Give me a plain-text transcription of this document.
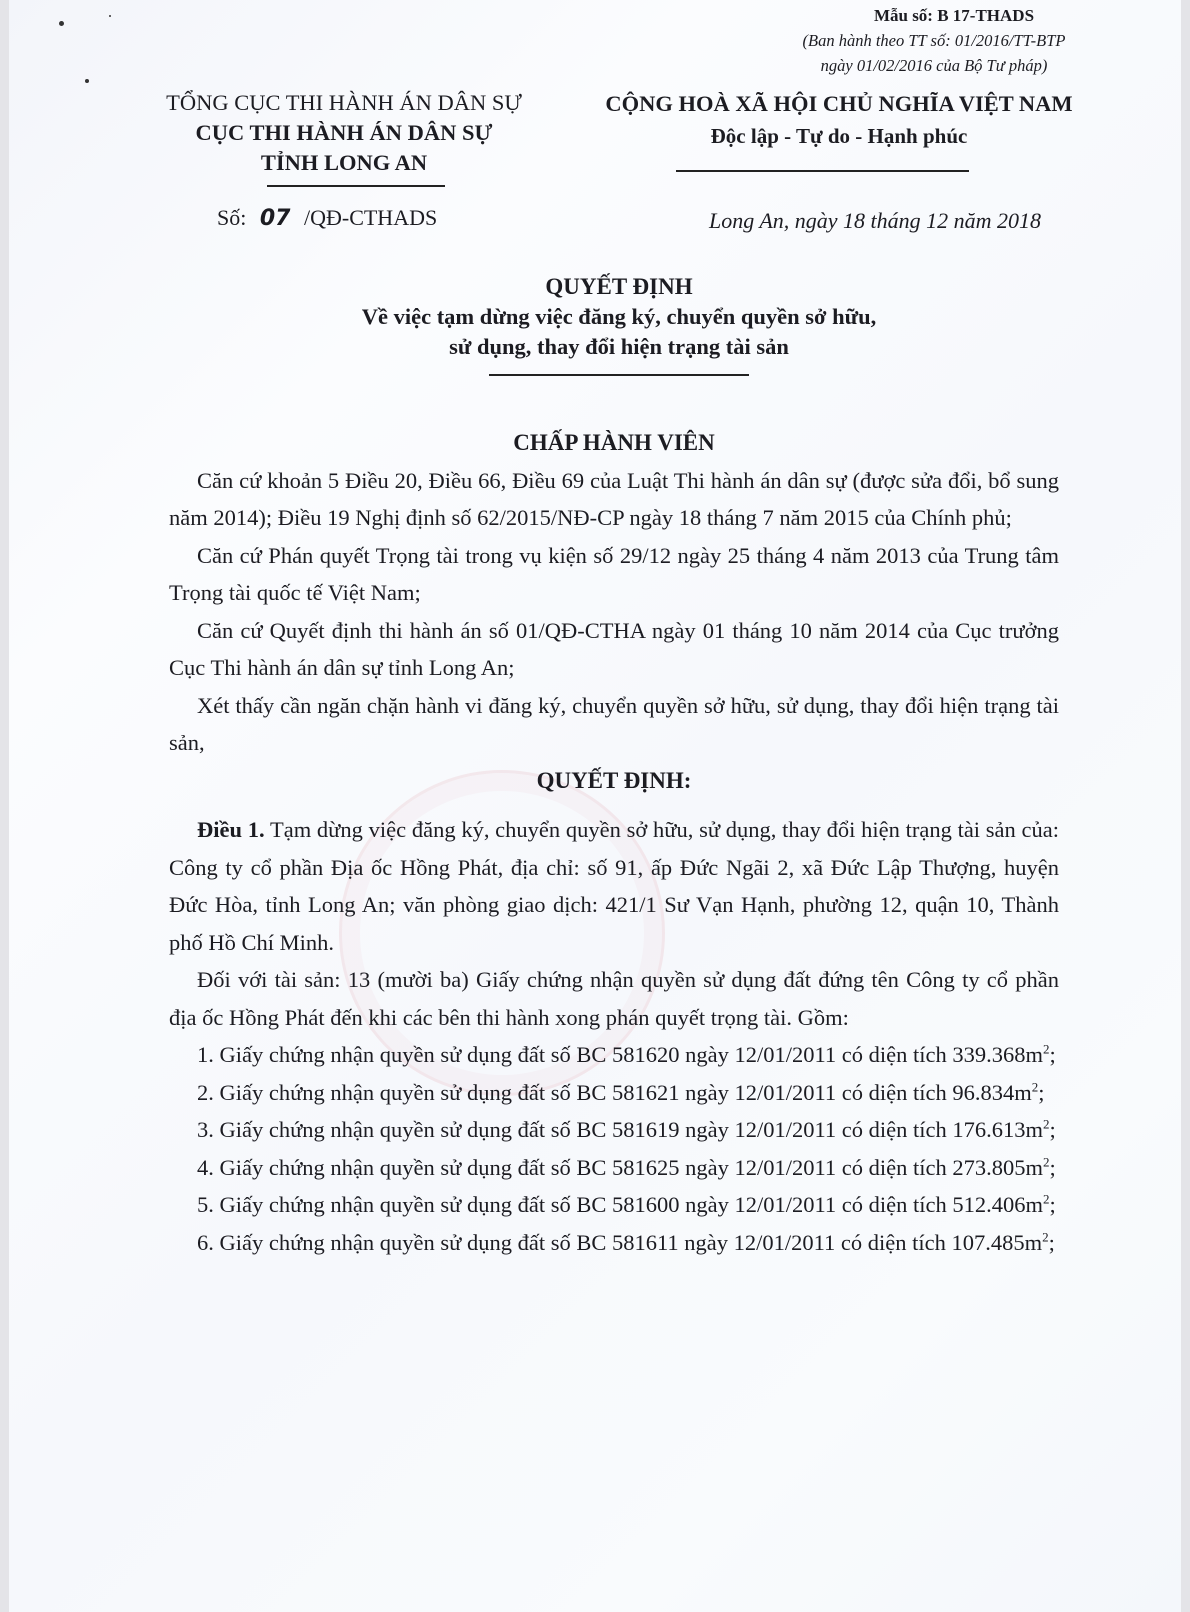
Mẫu số: B 17-THADS
(Ban hành theo TT số: 01/2016/TT-BTP
ngày 01/02/2016 của Bộ Tư pháp)
TỔNG CỤC THI HÀNH ÁN DÂN SỰ
CỤC THI HÀNH ÁN DÂN SỰ
TỈNH LONG AN
CỘNG HOÀ XÃ HỘI CHỦ NGHĨA VIỆT NAM
Độc lập - Tự do - Hạnh phúc
Số: 07 /QĐ-CTHADS	Long An, ngày 18 tháng 12 năm 2018
QUYẾT ĐỊNH
Về việc tạm dừng việc đăng ký, chuyển quyền sở hữu,
sử dụng, thay đổi hiện trạng tài sản
CHẤP HÀNH VIÊN

Căn cứ khoản 5 Điều 20, Điều 66, Điều 69 của Luật Thi hành án dân sự (được sửa đổi, bổ sung năm 2014); Điều 19 Nghị định số 62/2015/NĐ-CP ngày 18 tháng 7 năm 2015 của Chính phủ;

Căn cứ Phán quyết Trọng tài trong vụ kiện số 29/12 ngày 25 tháng 4 năm 2013 của Trung tâm Trọng tài quốc tế Việt Nam;

Căn cứ Quyết định thi hành án số 01/QĐ-CTHA ngày 01 tháng 10 năm 2014 của Cục trưởng Cục Thi hành án dân sự tỉnh Long An;

Xét thấy cần ngăn chặn hành vi đăng ký, chuyển quyền sở hữu, sử dụng, thay đổi hiện trạng tài sản,

QUYẾT ĐỊNH:

Điều 1. Tạm dừng việc đăng ký, chuyển quyền sở hữu, sử dụng, thay đổi hiện trạng tài sản của: Công ty cổ phần Địa ốc Hồng Phát, địa chỉ: số 91, ấp Đức Ngãi 2, xã Đức Lập Thượng, huyện Đức Hòa, tỉnh Long An; văn phòng giao dịch: 421/1 Sư Vạn Hạnh, phường 12, quận 10, Thành phố Hồ Chí Minh.

Đối với tài sản: 13 (mười ba) Giấy chứng nhận quyền sử dụng đất đứng tên Công ty cổ phần địa ốc Hồng Phát đến khi các bên thi hành xong phán quyết trọng tài. Gồm:

1. Giấy chứng nhận quyền sử dụng đất số BC 581620 ngày 12/01/2011 có diện tích $339.368m^2$;

2. Giấy chứng nhận quyền sử dụng đất số BC 581621 ngày 12/01/2011 có diện tích $96.834m^2$;

3. Giấy chứng nhận quyền sử dụng đất số BC 581619 ngày 12/01/2011 có diện tích $176.613m^2$;

4. Giấy chứng nhận quyền sử dụng đất số BC 581625 ngày 12/01/2011 có diện tích $273.805m^2$;

5. Giấy chứng nhận quyền sử dụng đất số BC 581600 ngày 12/01/2011 có diện tích $512.406m^2$;

6. Giấy chứng nhận quyền sử dụng đất số BC 581611 ngày 12/01/2011 có diện tích $107.485m^2$;
